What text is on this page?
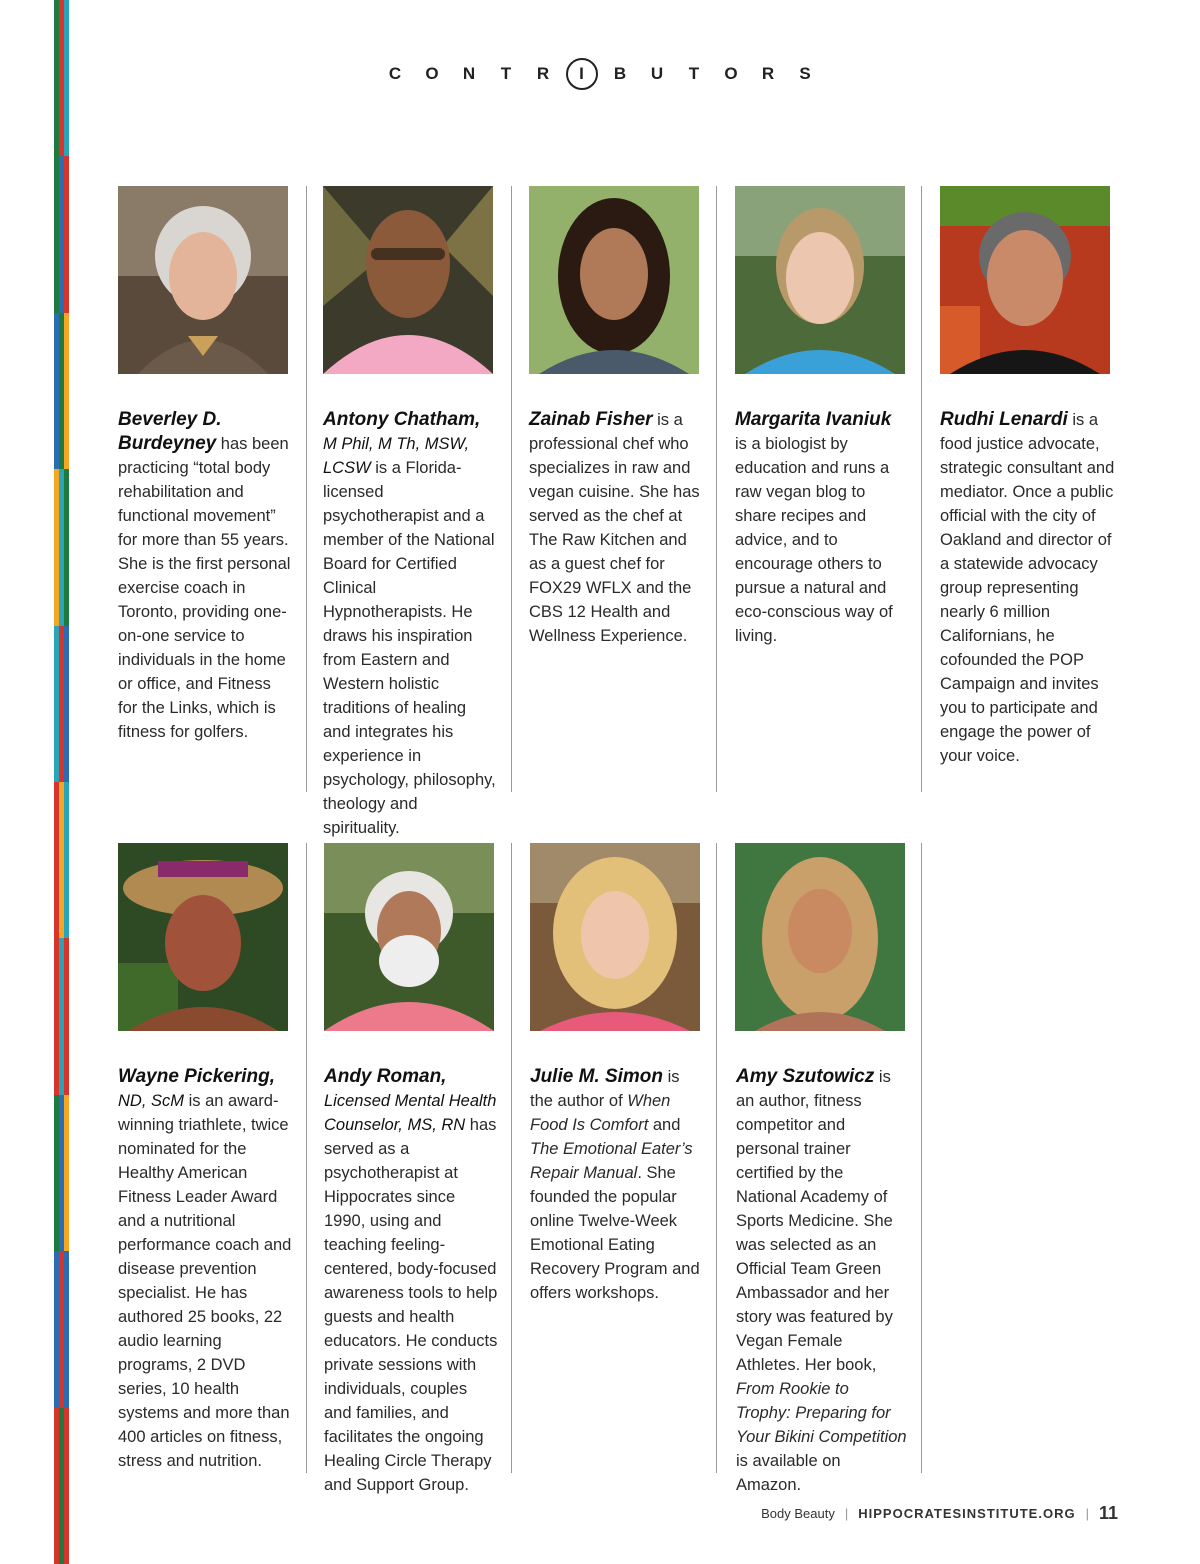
C	O	N	T	R	I	B	U	T	O	R	S
Beverley D. Burdeyney has been practicing “total body rehabilitation and functional movement” for more than 55 years. She is the first personal exercise coach in Toronto, providing one-on-one service to individuals in the home or office, and Fitness for the Links, which is fitness for golfers.
Antony Chatham,
M Phil, M Th, MSW, LCSW is a Florida-licensed psychotherapist and a member of the National Board for Certified Clinical Hypnotherapists. He draws his inspiration from Eastern and Western holistic traditions of healing and integrates his experience in psychology, philosophy, theology and spirituality.
Zainab Fisher is a professional chef who specializes in raw and vegan cuisine. She has served as the chef at The Raw Kitchen and as a guest chef for FOX29 WFLX and the CBS 12 Health and Wellness Experience.
Margarita Ivaniuk is a biologist by education and runs a raw vegan blog to share recipes and advice, and to encourage others to pursue a natural and eco-conscious way of living.
Rudhi Lenardi is a food justice advocate, strategic consultant and mediator. Once a public official with the city of Oakland and director of a statewide advocacy group representing nearly 6 million Californians, he cofounded the POP Campaign and invites you to participate and engage the power of your voice.
Wayne Pickering,
ND, ScM is an award-winning triathlete, twice nominated for the Healthy American Fitness Leader Award and a nutritional performance coach and disease prevention specialist. He has authored 25 books, 22 audio learning programs, 2 DVD series, 10 health systems and more than 400 articles on fitness, stress and nutrition.
Andy Roman,
Licensed Mental Health Counselor, MS, RN has served as a psychotherapist at Hippocrates since 1990, using and teaching feeling-centered, body-focused awareness tools to help guests and health educators. He conducts private sessions with individuals, couples and families, and facilitates the ongoing Healing Circle Therapy and Support Group.
Julie M. Simon is the author of When Food Is Comfort and The Emotional Eater’s Repair Manual. She founded the popular online Twelve-Week Emotional Eating Recovery Program and offers workshops.
Amy Szutowicz is an author, fitness competitor and personal trainer certified by the National Academy of Sports Medicine. She was selected as an Official Team Green Ambassador and her story was featured by Vegan Female Athletes. Her book, From Rookie to Trophy: Preparing for Your Bikini Competition is available on Amazon.
Body Beauty | HIPPOCRATESINSTITUTE.ORG | 11
